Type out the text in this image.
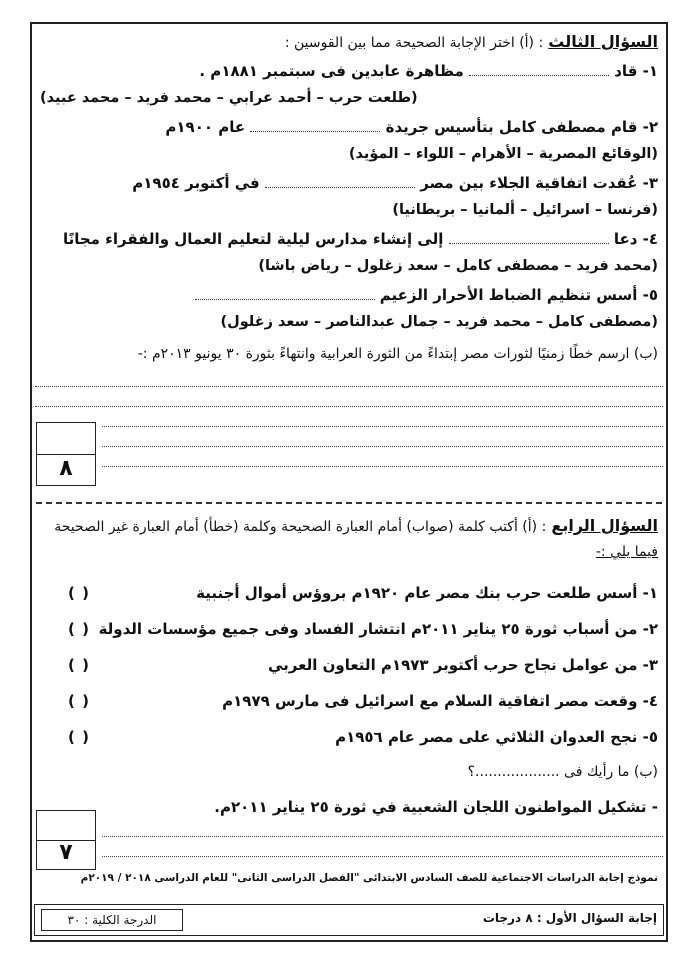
السؤال الثالث : (أ) اختر الإجابة الصحيحة مما بين القوسين :
١- قاد  مظاهرة عابدين فى سبتمبر ١٨٨١م .
(طلعت حرب – أحمد عرابي – محمد فريد – محمد عبيد)
٢- قام مصطفى كامل بتأسيس جريدة  عام ١٩٠٠م
(الوقائع المصرية – الأهرام – اللواء – المؤيد)
٣- عُقدت اتفاقية الجلاء بين مصر  في أكتوبر ١٩٥٤م
(فرنسا – اسرائيل – ألمانيا – بريطانيا)
٤- دعا  إلى إنشاء مدارس ليلية لتعليم العمال والفقراء مجانًا
(محمد فريد – مصطفى كامل – سعد زغلول – رياض باشا)
٥- أسس تنظيم الضباط الأحرار الزعيم
(مصطفى كامل – محمد فريد – جمال عبدالناصر – سعد زغلول)
(ب) ارسم خطًا زمنيًا لثورات مصر إبتداءً من الثورة العرابية وانتهاءً بثورة ٣٠ يونيو ٢٠١٣م :-
٨
السؤال الرابع : (أ) أكتب كلمة (صواب) أمام العبارة الصحيحة وكلمة (خطأ) أمام العبارة غير الصحيحة
فيما يلي :-
١- أسس طلعت حرب بنك مصر عام ١٩٢٠م بروؤس أموال أجنبية
( )
٢- من أسباب ثورة ٢٥ يناير ٢٠١١م انتشار الفساد وفى جميع مؤسسات الدولة
( )
٣- من عوامل نجاح حرب أكتوبر ١٩٧٣م التعاون العربي
( )
٤- وقعت مصر اتفاقية السلام مع اسرائيل فى مارس ١٩٧٩م
( )
٥- نجح العدوان الثلاثي على مصر عام ١٩٥٦م
( )
(ب) ما رأيك فى ...................؟
- تشكيل المواطنون اللجان الشعبية في ثورة ٢٥ يناير ٢٠١١م.
٧
نموذج إجابة الدراسات الاجتماعية للصف السادس الابتدائى "الفصل الدراسى الثانى" للعام الدراسى ٢٠١٨ / ٢٠١٩م
إجابة السؤال الأول : ٨ درجات
الدرجة الكلية : ٣٠
